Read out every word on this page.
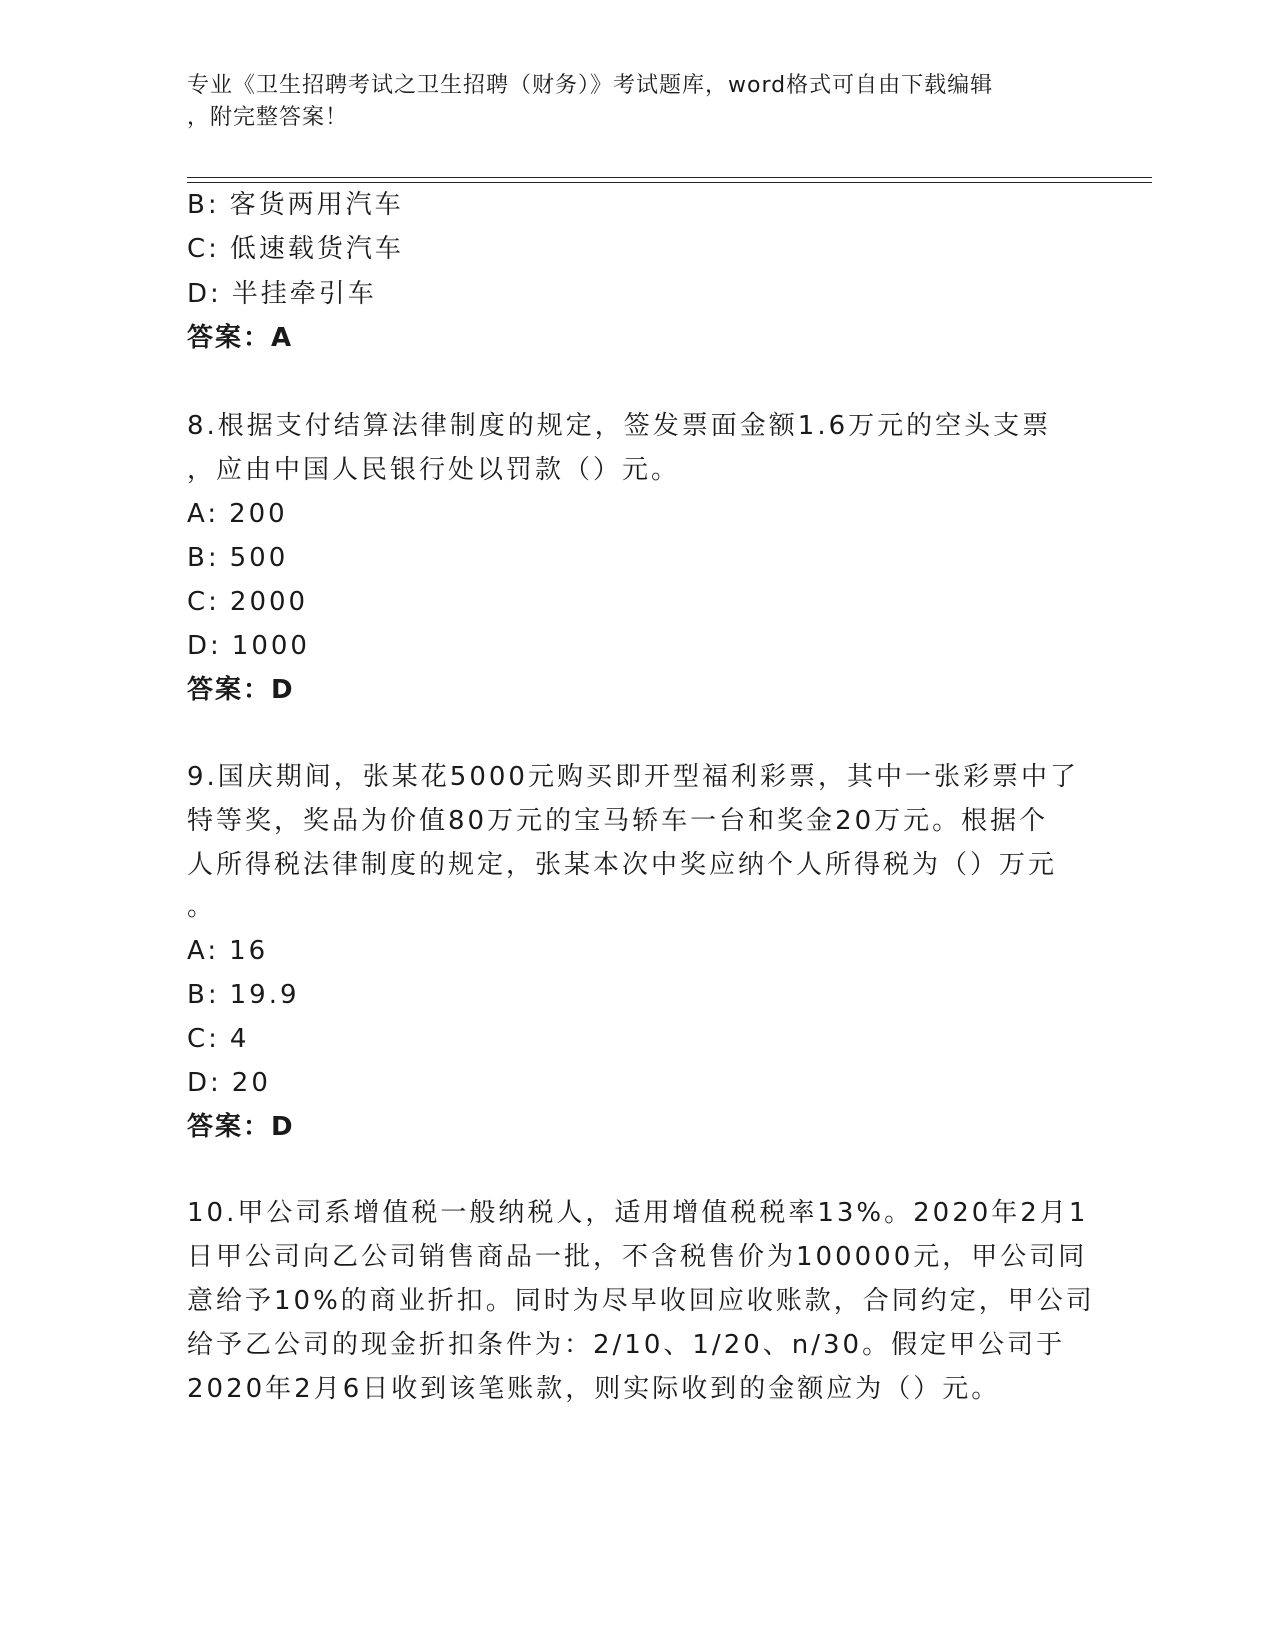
专业《卫生招聘考试之卫生招聘（财务）》考试题库，word格式可自由下载编辑
，附完整答案！
B: 客货两用汽车
C: 低速载货汽车
D: 半挂牵引车
答案：A
8.根据支付结算法律制度的规定，签发票面金额1.6万元的空头支票
，应由中国人民银行处以罚款（）元。
A: 200
B: 500
C: 2000
D: 1000
答案：D
9.国庆期间，张某花5000元购买即开型福利彩票，其中一张彩票中了
特等奖，奖品为价值80万元的宝马轿车一台和奖金20万元。根据个
人所得税法律制度的规定，张某本次中奖应纳个人所得税为（）万元
。
A: 16
B: 19.9
C: 4
D: 20
答案：D
10.甲公司系增值税一般纳税人，适用增值税税率13%。2020年2月1
日甲公司向乙公司销售商品一批，不含税售价为100000元，甲公司同
意给予10%的商业折扣。同时为尽早收回应收账款，合同约定，甲公司
给予乙公司的现金折扣条件为：2/10、1/20、n/30。假定甲公司于
2020年2月6日收到该笔账款，则实际收到的金额应为（）元。
